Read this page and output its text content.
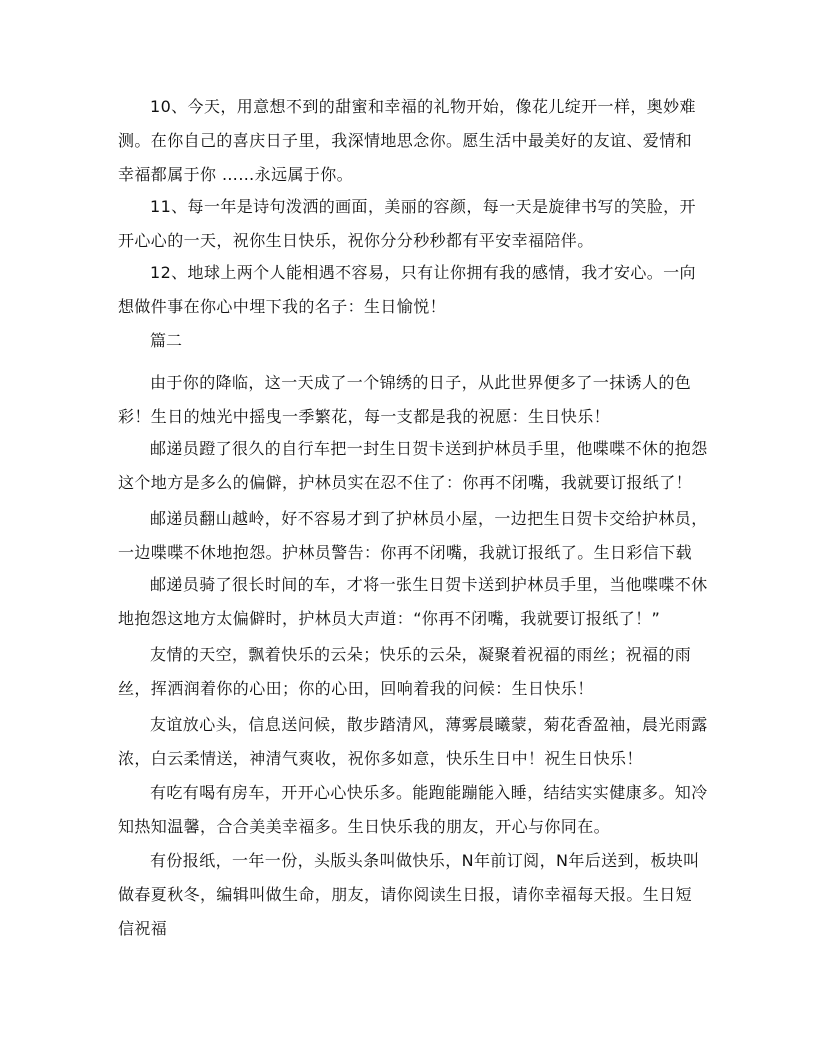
10、今天，用意想不到的甜蜜和幸福的礼物开始，像花儿绽开一样，奥妙难测。在你自己的喜庆日子里，我深情地思念你。愿生活中最美好的友谊、爱情和幸福都属于你 ……永远属于你。

11、每一年是诗句泼洒的画面，美丽的容颜，每一天是旋律书写的笑脸，开开心心的一天，祝你生日快乐，祝你分分秒秒都有平安幸福陪伴。

12、地球上两个人能相遇不容易，只有让你拥有我的感情，我才安心。一向想做件事在你心中埋下我的名子：生日愉悦！

篇二

由于你的降临，这一天成了一个锦绣的日子，从此世界便多了一抹诱人的色彩！生日的烛光中摇曳一季繁花，每一支都是我的祝愿：生日快乐！

邮递员蹬了很久的自行车把一封生日贺卡送到护林员手里，他喋喋不休的抱怨这个地方是多么的偏僻，护林员实在忍不住了：你再不闭嘴，我就要订报纸了！

邮递员翻山越岭，好不容易才到了护林员小屋，一边把生日贺卡交给护林员，一边喋喋不休地抱怨。护林员警告：你再不闭嘴，我就订报纸了。生日彩信下载

邮递员骑了很长时间的车，才将一张生日贺卡送到护林员手里，当他喋喋不休地抱怨这地方太偏僻时，护林员大声道：“你再不闭嘴，我就要订报纸了！”

友情的天空，飘着快乐的云朵；快乐的云朵，凝聚着祝福的雨丝；祝福的雨丝，挥洒润着你的心田；你的心田，回响着我的问候：生日快乐！

友谊放心头，信息送问候，散步踏清风，薄雾晨曦蒙，菊花香盈袖，晨光雨露浓，白云柔情送，神清气爽收，祝你多如意，快乐生日中！祝生日快乐！

有吃有喝有房车，开开心心快乐多。能跑能蹦能入睡，结结实实健康多。知冷知热知温馨，合合美美幸福多。生日快乐我的朋友，开心与你同在。

有份报纸，一年一份，头版头条叫做快乐，N年前订阅，N年后送到，板块叫做春夏秋冬，编辑叫做生命，朋友，请你阅读生日报，请你幸福每天报。生日短信祝福
